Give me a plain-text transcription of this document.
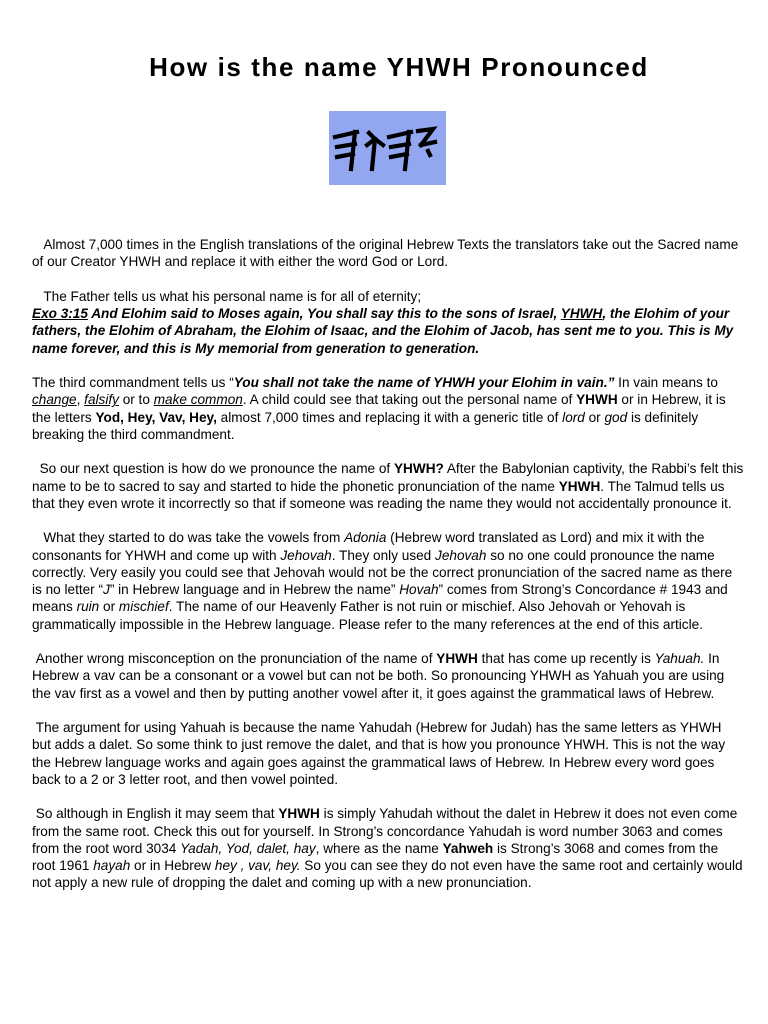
How is the name YHWH Pronounced

Almost 7,000 times in the English translations of the original Hebrew Texts the translators take out the Sacred name of our Creator YHWH and replace it with either the word God or Lord.

The Father tells us what his personal name is for all of eternity;
Exo 3:15 And Elohim said to Moses again, You shall say this to the sons of Israel, YHWH, the Elohim of your fathers, the Elohim of Abraham, the Elohim of Isaac, and the Elohim of Jacob, has sent me to you. This is My name forever, and this is My memorial from generation to generation.

The third commandment tells us “You shall not take the name of YHWH your Elohim in vain.” In vain means to change, falsify or to make common. A child could see that taking out the personal name of YHWH or in Hebrew, it is the letters Yod, Hey, Vav, Hey, almost 7,000 times and replacing it with a generic title of lord or god is definitely breaking the third commandment.

So our next question is how do we pronounce the name of YHWH? After the Babylonian captivity, the Rabbi’s felt this name to be to sacred to say and started to hide the phonetic pronunciation of the name YHWH. The Talmud tells us that they even wrote it incorrectly so that if someone was reading the name they would not accidentally pronounce it.

What they started to do was take the vowels from Adonia (Hebrew word translated as Lord) and mix it with the consonants for YHWH and come up with Jehovah. They only used Jehovah so no one could pronounce the name correctly. Very easily you could see that Jehovah would not be the correct pronunciation of the sacred name as there is no letter “J” in Hebrew language and in Hebrew the name” Hovah” comes from Strong’s Concordance # 1943 and means ruin or mischief. The name of our Heavenly Father is not ruin or mischief. Also Jehovah or Yehovah is grammatically impossible in the Hebrew language. Please refer to the many references at the end of this article.

Another wrong misconception on the pronunciation of the name of YHWH that has come up recently is Yahuah. In Hebrew a vav can be a consonant or a vowel but can not be both. So pronouncing YHWH as Yahuah you are using the vav first as a vowel and then by putting another vowel after it, it goes against the grammatical laws of Hebrew.

The argument for using Yahuah is because the name Yahudah (Hebrew for Judah) has the same letters as YHWH but adds a dalet. So some think to just remove the dalet, and that is how you pronounce YHWH. This is not the way the Hebrew language works and again goes against the grammatical laws of Hebrew. In Hebrew every word goes back to a 2 or 3 letter root, and then vowel pointed.

So although in English it may seem that YHWH is simply Yahudah without the dalet in Hebrew it does not even come from the same root. Check this out for yourself. In Strong’s concordance Yahudah is word number 3063 and comes from the root word 3034 Yadah, Yod, dalet, hay, where as the name Yahweh is Strong’s 3068 and comes from the root 1961 hayah or in Hebrew hey , vav, hey. So you can see they do not even have the same root and certainly would not apply a new rule of dropping the dalet and coming up with a new pronunciation.
